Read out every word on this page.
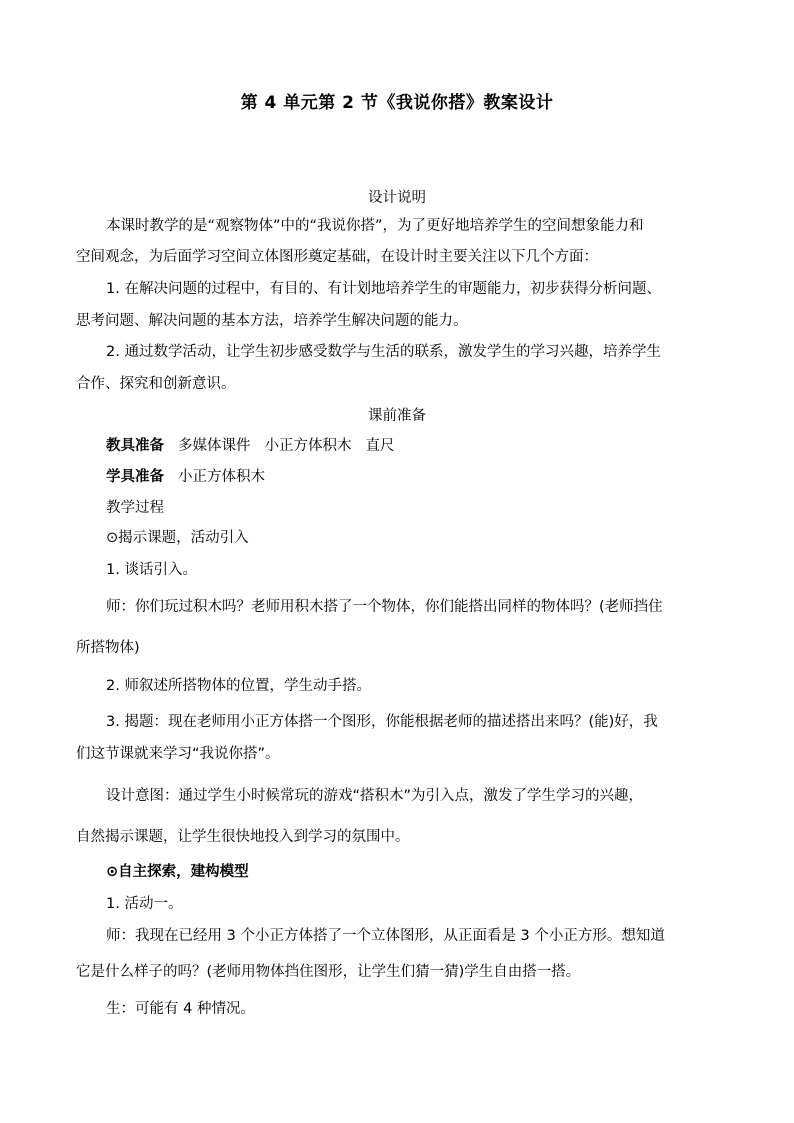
第 4 单元第 2 节《我说你搭》教案设计
设计说明
本课时教学的是“观察物体”中的“我说你搭”，为了更好地培养学生的空间想象能力和
空间观念，为后面学习空间立体图形奠定基础，在设计时主要关注以下几个方面：
1. 在解决问题的过程中，有目的、有计划地培养学生的审题能力，初步获得分析问题、
思考问题、解决问题的基本方法，培养学生解决问题的能力。
2. 通过数学活动，让学生初步感受数学与生活的联系，激发学生的学习兴趣，培养学生
合作、探究和创新意识。
课前准备
教具准备 多媒体课件 小正方体积木 直尺
学具准备 小正方体积木
教学过程
⊙揭示课题，活动引入
1. 谈话引入。
师：你们玩过积木吗？老师用积木搭了一个物体，你们能搭出同样的物体吗？(老师挡住
所搭物体)
2. 师叙述所搭物体的位置，学生动手搭。
3. 揭题：现在老师用小正方体搭一个图形，你能根据老师的描述搭出来吗？(能)好，我
们这节课就来学习“我说你搭”。
设计意图：通过学生小时候常玩的游戏“搭积木”为引入点，激发了学生学习的兴趣，
自然揭示课题，让学生很快地投入到学习的氛围中。
⊙自主探索，建构模型
1. 活动一。
师：我现在已经用 3 个小正方体搭了一个立体图形，从正面看是 3 个小正方形。想知道
它是什么样子的吗？(老师用物体挡住图形，让学生们猜一猜)学生自由搭一搭。
生：可能有 4 种情况。
